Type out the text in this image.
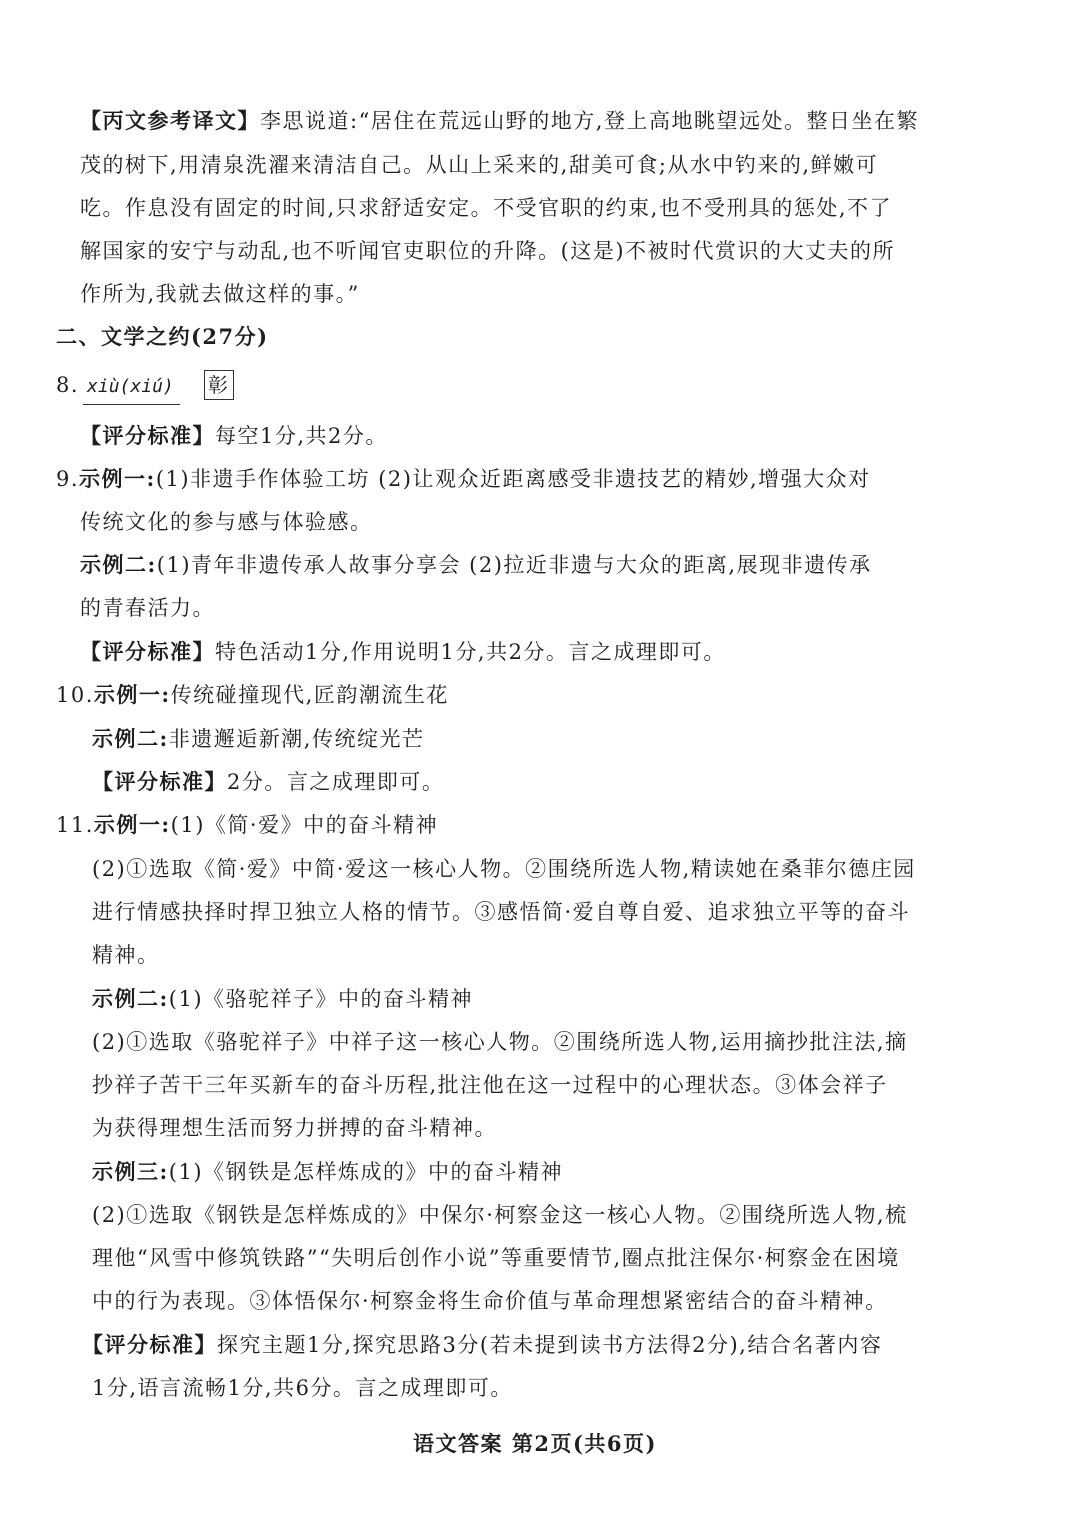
【丙文参考译文】李思说道:“居住在荒远山野的地方,登上高地眺望远处。整日坐在繁
茂的树下,用清泉洗濯来清洁自己。从山上采来的,甜美可食;从水中钓来的,鲜嫩可
吃。作息没有固定的时间,只求舒适安定。不受官职的约束,也不受刑具的惩处,不了
解国家的安宁与动乱,也不听闻官吏职位的升降。(这是)不被时代赏识的大丈夫的所
作所为,我就去做这样的事。”
二、文学之约(27分)
8. xiù(xiú) 彰
【评分标准】每空1分,共2分。
9.示例一:(1)非遗手作体验工坊 (2)让观众近距离感受非遗技艺的精妙,增强大众对
传统文化的参与感与体验感。
示例二:(1)青年非遗传承人故事分享会 (2)拉近非遗与大众的距离,展现非遗传承
的青春活力。
【评分标准】特色活动1分,作用说明1分,共2分。言之成理即可。
10.示例一:传统碰撞现代,匠韵潮流生花
示例二:非遗邂逅新潮,传统绽光芒
【评分标准】2分。言之成理即可。
11.示例一:(1)《简·爱》中的奋斗精神
(2)①选取《简·爱》中简·爱这一核心人物。②围绕所选人物,精读她在桑菲尔德庄园
进行情感抉择时捍卫独立人格的情节。③感悟简·爱自尊自爱、追求独立平等的奋斗
精神。
示例二:(1)《骆驼祥子》中的奋斗精神
(2)①选取《骆驼祥子》中祥子这一核心人物。②围绕所选人物,运用摘抄批注法,摘
抄祥子苦干三年买新车的奋斗历程,批注他在这一过程中的心理状态。③体会祥子
为获得理想生活而努力拼搏的奋斗精神。
示例三:(1)《钢铁是怎样炼成的》中的奋斗精神
(2)①选取《钢铁是怎样炼成的》中保尔·柯察金这一核心人物。②围绕所选人物,梳
理他“风雪中修筑铁路”“失明后创作小说”等重要情节,圈点批注保尔·柯察金在困境
中的行为表现。③体悟保尔·柯察金将生命价值与革命理想紧密结合的奋斗精神。
【评分标准】探究主题1分,探究思路3分(若未提到读书方法得2分),结合名著内容
1分,语言流畅1分,共6分。言之成理即可。
语文答案 第2页(共6页)
